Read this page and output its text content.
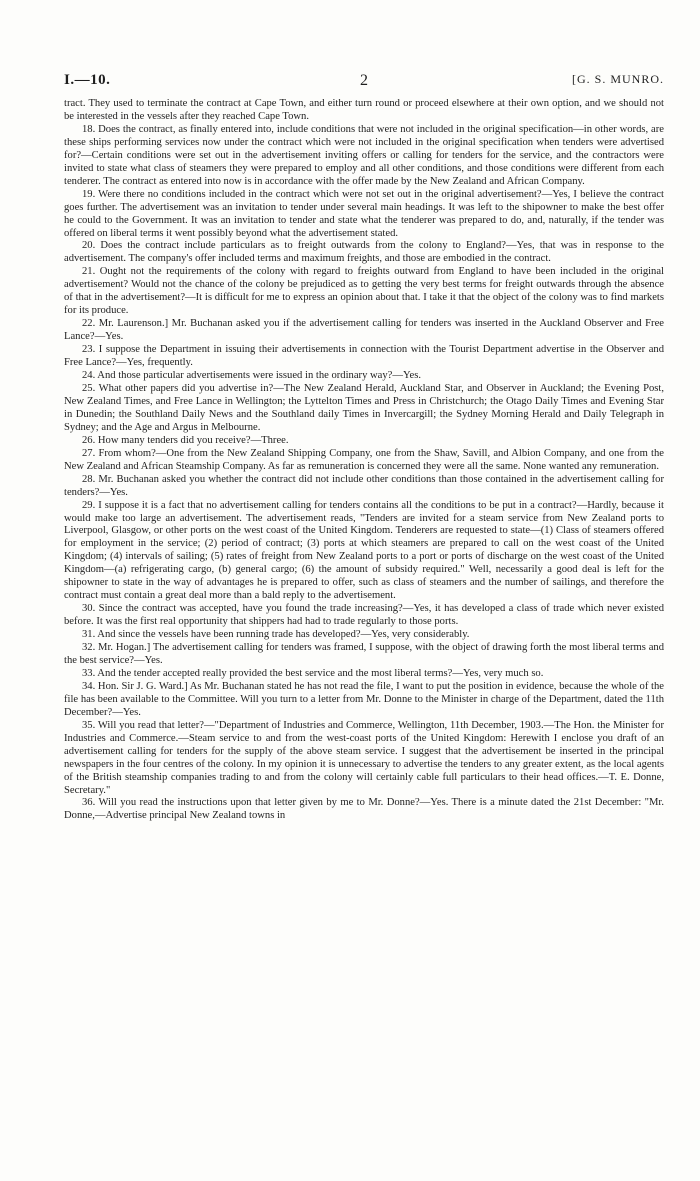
I.—10.	2	[G. S. MUNRO.

tract. They used to terminate the contract at Cape Town, and either turn round or proceed elsewhere at their own option, and we should not be interested in the vessels after they reached Cape Town.

18. Does the contract, as finally entered into, include conditions that were not included in the original specification—in other words, are these ships performing services now under the contract which were not included in the original specification when tenders were advertised for?—Certain conditions were set out in the advertisement inviting offers or calling for tenders for the service, and the contractors were invited to state what class of steamers they were prepared to employ and all other conditions, and those conditions were different from each tenderer. The contract as entered into now is in accordance with the offer made by the New Zealand and African Company.

19. Were there no conditions included in the contract which were not set out in the original advertisement?—Yes, I believe the contract goes further. The advertisement was an invitation to tender under several main headings. It was left to the shipowner to make the best offer he could to the Government. It was an invitation to tender and state what the tenderer was prepared to do, and, naturally, if the tender was offered on liberal terms it went possibly beyond what the advertisement stated.

20. Does the contract include particulars as to freight outwards from the colony to England?—Yes, that was in response to the advertisement. The company's offer included terms and maximum freights, and those are embodied in the contract.

21. Ought not the requirements of the colony with regard to freights outward from England to have been included in the original advertisement? Would not the chance of the colony be prejudiced as to getting the very best terms for freight outwards through the absence of that in the advertisement?—It is difficult for me to express an opinion about that. I take it that the object of the colony was to find markets for its produce.

22. Mr. Laurenson.] Mr. Buchanan asked you if the advertisement calling for tenders was inserted in the Auckland Observer and Free Lance?—Yes.

23. I suppose the Department in issuing their advertisements in connection with the Tourist Department advertise in the Observer and Free Lance?—Yes, frequently.

24. And those particular advertisements were issued in the ordinary way?—Yes.

25. What other papers did you advertise in?—The New Zealand Herald, Auckland Star, and Observer in Auckland; the Evening Post, New Zealand Times, and Free Lance in Wellington; the Lyttelton Times and Press in Christchurch; the Otago Daily Times and Evening Star in Dunedin; the Southland Daily News and the Southland daily Times in Invercargill; the Sydney Morning Herald and Daily Telegraph in Sydney; and the Age and Argus in Melbourne.

26. How many tenders did you receive?—Three.

27. From whom?—One from the New Zealand Shipping Company, one from the Shaw, Savill, and Albion Company, and one from the New Zealand and African Steamship Company. As far as remuneration is concerned they were all the same. None wanted any remuneration.

28. Mr. Buchanan asked you whether the contract did not include other conditions than those contained in the advertisement calling for tenders?—Yes.

29. I suppose it is a fact that no advertisement calling for tenders contains all the conditions to be put in a contract?—Hardly, because it would make too large an advertisement. The advertisement reads, "Tenders are invited for a steam service from New Zealand ports to Liverpool, Glasgow, or other ports on the west coast of the United Kingdom. Tenderers are requested to state—(1) Class of steamers offered for employment in the service; (2) period of contract; (3) ports at which steamers are prepared to call on the west coast of the United Kingdom; (4) intervals of sailing; (5) rates of freight from New Zealand ports to a port or ports of discharge on the west coast of the United Kingdom—(a) refrigerating cargo, (b) general cargo; (6) the amount of subsidy required." Well, necessarily a good deal is left for the shipowner to state in the way of advantages he is prepared to offer, such as class of steamers and the number of sailings, and therefore the contract must contain a great deal more than a bald reply to the advertisement.

30. Since the contract was accepted, have you found the trade increasing?—Yes, it has developed a class of trade which never existed before. It was the first real opportunity that shippers had had to trade regularly to those ports.

31. And since the vessels have been running trade has developed?—Yes, very considerably.

32. Mr. Hogan.] The advertisement calling for tenders was framed, I suppose, with the object of drawing forth the most liberal terms and the best service?—Yes.

33. And the tender accepted really provided the best service and the most liberal terms?—Yes, very much so.

34. Hon. Sir J. G. Ward.] As Mr. Buchanan stated he has not read the file, I want to put the position in evidence, because the whole of the file has been available to the Committee. Will you turn to a letter from Mr. Donne to the Minister in charge of the Department, dated the 11th December?—Yes.

35. Will you read that letter?—"Department of Industries and Commerce, Wellington, 11th December, 1903.—The Hon. the Minister for Industries and Commerce.—Steam service to and from the west-coast ports of the United Kingdom: Herewith I enclose you draft of an advertisement calling for tenders for the supply of the above steam service. I suggest that the advertisement be inserted in the principal newspapers in the four centres of the colony. In my opinion it is unnecessary to advertise the tenders to any greater extent, as the local agents of the British steamship companies trading to and from the colony will certainly cable full particulars to their head offices.—T. E. Donne, Secretary."

36. Will you read the instructions upon that letter given by me to Mr. Donne?—Yes. There is a minute dated the 21st December: "Mr. Donne,—Advertise principal New Zealand towns in
